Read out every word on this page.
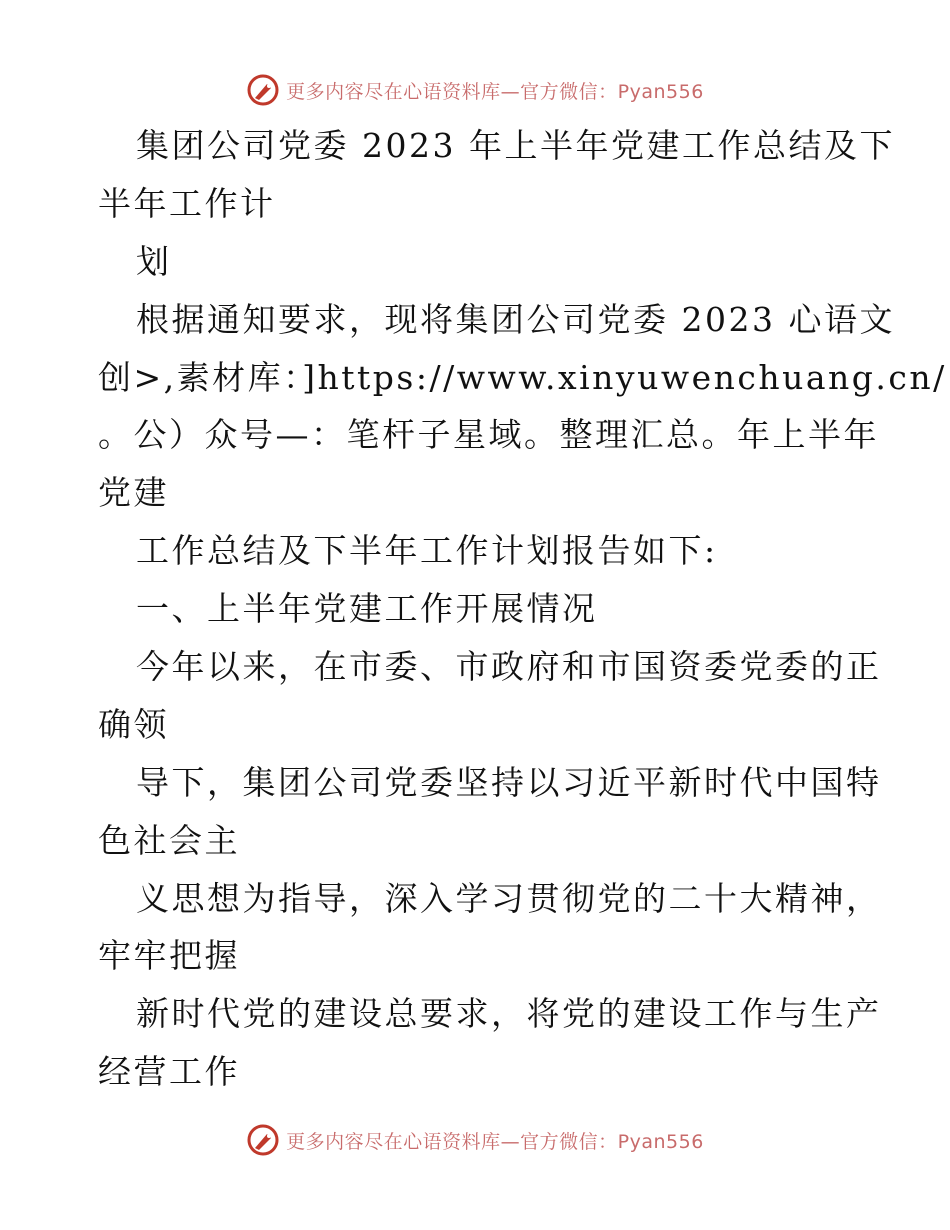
更多内容尽在心语资料库—官方微信：Pyan556
集团公司党委 2023 年上半年党建工作总结及下
半年工作计
划
根据通知要求，现将集团公司党委 2023 心语文
创>,素材库：]https://www.xinyuwenchuang.cn/
。公）众号—：笔杆子星域。整理汇总。年上半年
党建
工作总结及下半年工作计划报告如下:
一、上半年党建工作开展情况
今年以来，在市委、市政府和市国资委党委的正
确领
导下，集团公司党委坚持以习近平新时代中国特
色社会主
义思想为指导，深入学习贯彻党的二十大精神，
牢牢把握
新时代党的建设总要求，将党的建设工作与生产
经营工作
更多内容尽在心语资料库—官方微信：Pyan556
